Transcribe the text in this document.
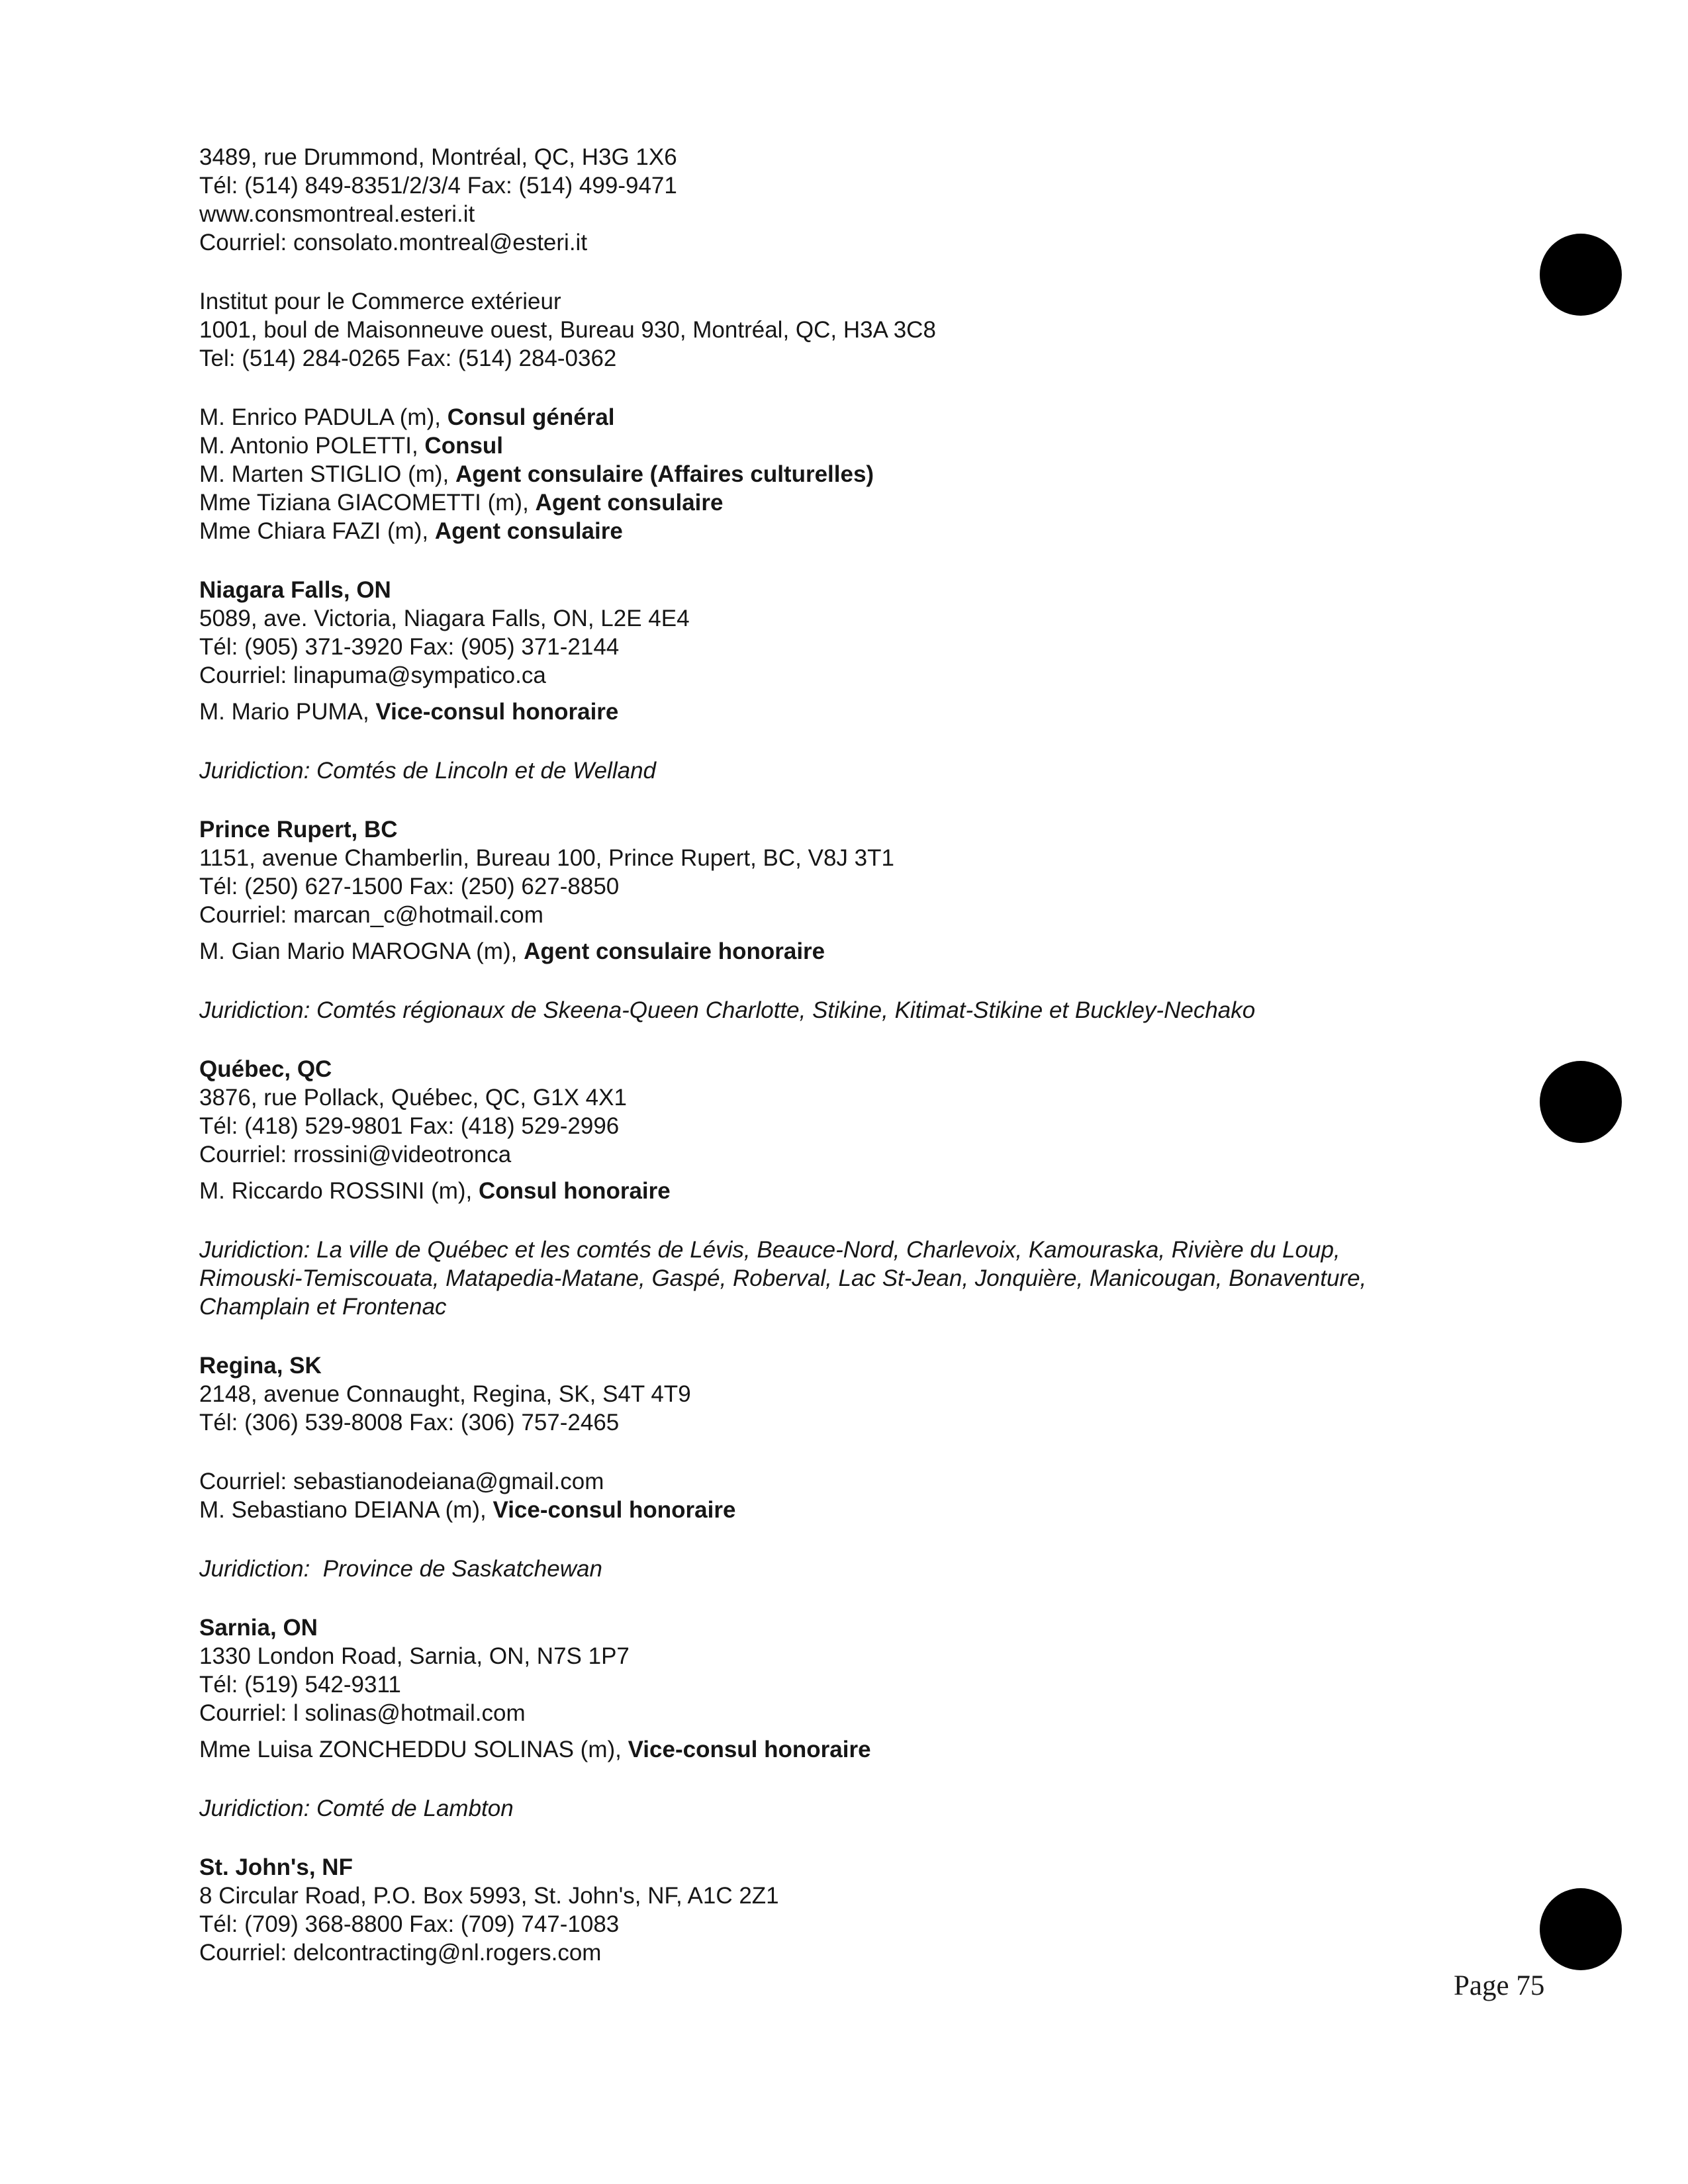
3489, rue Drummond, Montréal, QC, H3G 1X6
Tél: (514) 849-8351/2/3/4 Fax: (514) 499-9471
www.consmontreal.esteri.it
Courriel: consolato.montreal@esteri.it
Institut pour le Commerce extérieur
1001, boul de Maisonneuve ouest, Bureau 930, Montréal, QC, H3A 3C8
Tel: (514) 284-0265 Fax: (514) 284-0362
M. Enrico PADULA (m), Consul général
M. Antonio POLETTI, Consul
M. Marten STIGLIO (m), Agent consulaire (Affaires culturelles)
Mme Tiziana GIACOMETTI (m), Agent consulaire
Mme Chiara FAZI (m), Agent consulaire
Niagara Falls, ON
5089, ave. Victoria, Niagara Falls, ON, L2E 4E4
Tél: (905) 371-3920 Fax: (905) 371-2144
Courriel: linapuma@sympatico.ca
M. Mario PUMA, Vice-consul honoraire
Juridiction: Comtés de Lincoln et de Welland
Prince Rupert, BC
1151, avenue Chamberlin, Bureau 100, Prince Rupert, BC, V8J 3T1
Tél: (250) 627-1500 Fax: (250) 627-8850
Courriel: marcan_c@hotmail.com
M. Gian Mario MAROGNA (m), Agent consulaire honoraire
Juridiction: Comtés régionaux de Skeena-Queen Charlotte, Stikine, Kitimat-Stikine et Buckley-Nechako
Québec, QC
3876, rue Pollack, Québec, QC, G1X 4X1
Tél: (418) 529-9801 Fax: (418) 529-2996
Courriel: rrossini@videotronca
M. Riccardo ROSSINI (m), Consul honoraire
Juridiction: La ville de Québec et les comtés de Lévis, Beauce-Nord, Charlevoix, Kamouraska, Rivière du Loup, Rimouski-Temiscouata, Matapedia-Matane, Gaspé, Roberval, Lac St-Jean, Jonquière, Manicougan, Bonaventure, Champlain et Frontenac
Regina, SK
2148, avenue Connaught, Regina, SK, S4T 4T9
Tél: (306) 539-8008 Fax: (306) 757-2465
Courriel: sebastianodeiana@gmail.com
M. Sebastiano DEIANA (m), Vice-consul honoraire
Juridiction:  Province de Saskatchewan
Sarnia, ON
1330 London Road, Sarnia, ON, N7S 1P7
Tél: (519) 542-9311
Courriel: l solinas@hotmail.com
Mme Luisa ZONCHEDDU SOLINAS (m), Vice-consul honoraire
Juridiction: Comté de Lambton
St. John's, NF
8 Circular Road, P.O. Box 5993, St. John's, NF, A1C 2Z1
Tél: (709) 368-8800 Fax: (709) 747-1083
Courriel: delcontracting@nl.rogers.com
Page 75
